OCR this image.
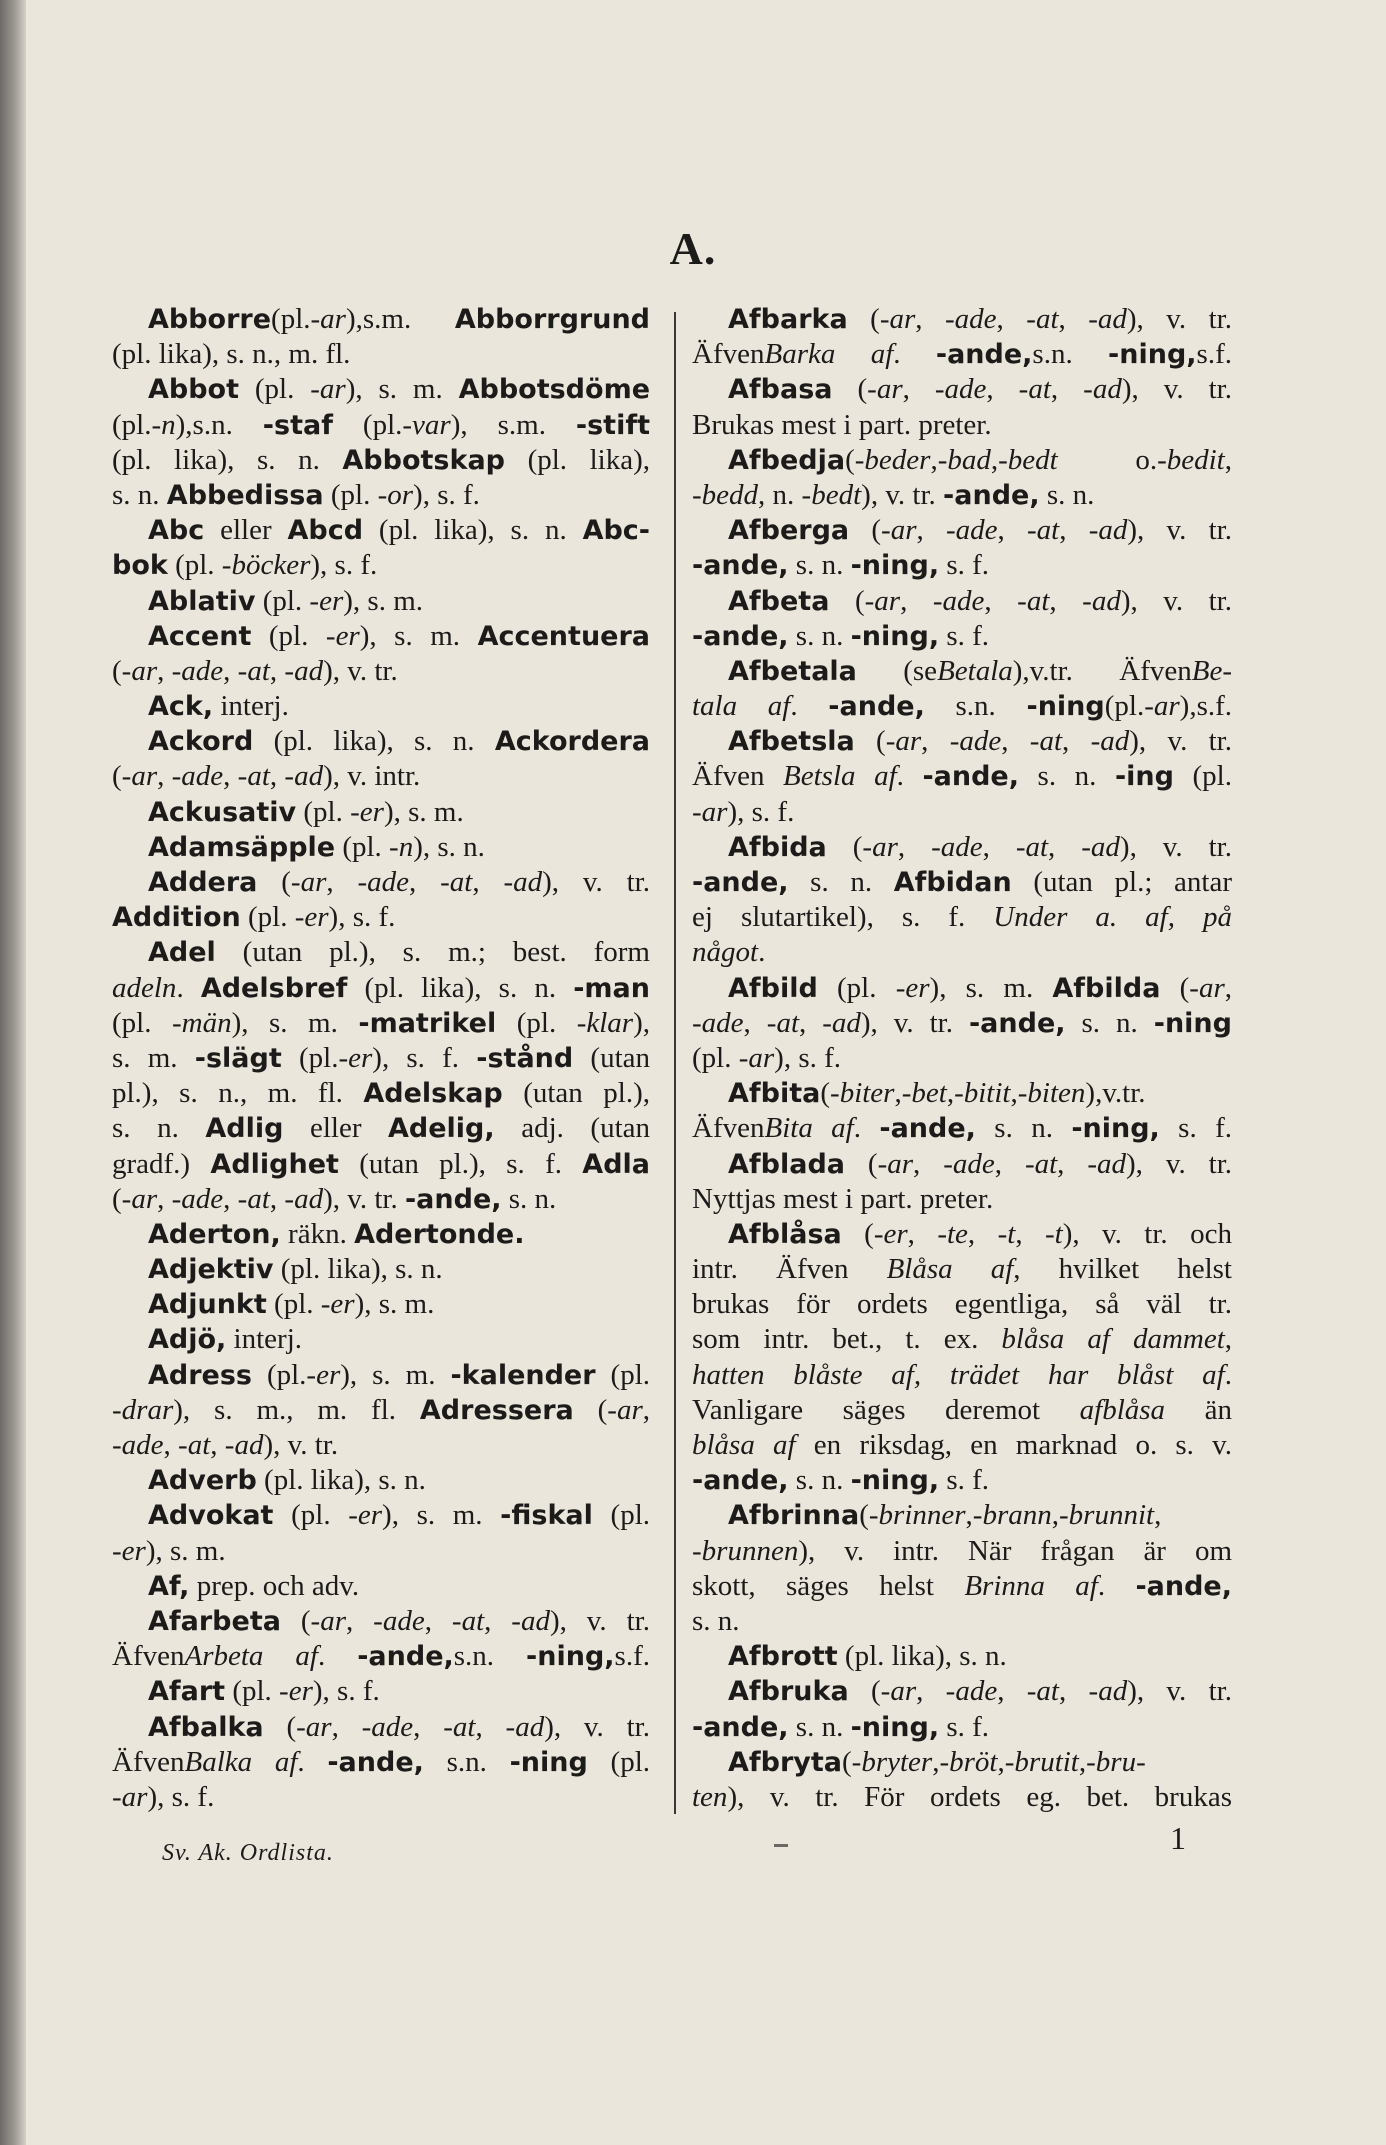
A.
Abborre(pl.-ar),s.m. Abborrgrund
(pl. lika), s. n., m. fl.
Abbot (pl. -ar), s. m. Abbotsdöme
(pl.-n),s.n. -staf (pl.-var), s.m. -stift
(pl. lika), s. n. Abbotskap (pl. lika),
s. n. Abbedissa (pl. -or), s. f.
Abc eller Abcd (pl. lika), s. n. Abc-
bok (pl. -böcker), s. f.
Ablativ (pl. -er), s. m.
Accent (pl. -er), s. m. Accentuera
(-ar, -ade, -at, -ad), v. tr.
Ack, interj.
Ackord (pl. lika), s. n. Ackordera
(-ar, -ade, -at, -ad), v. intr.
Ackusativ (pl. -er), s. m.
Adamsäpple (pl. -n), s. n.
Addera (-ar, -ade, -at, -ad), v. tr.
Addition (pl. -er), s. f.
Adel (utan pl.), s. m.; best. form
adeln. Adelsbref (pl. lika), s. n. -man
(pl. -män), s. m. -matrikel (pl. -klar),
s. m. -slägt (pl.-er), s. f. -stånd (utan
pl.), s. n., m. fl. Adelskap (utan pl.),
s. n. Adlig eller Adelig, adj. (utan
gradf.) Adlighet (utan pl.), s. f. Adla
(-ar, -ade, -at, -ad), v. tr. -ande, s. n.
Aderton, räkn. Adertonde.
Adjektiv (pl. lika), s. n.
Adjunkt (pl. -er), s. m.
Adjö, interj.
Adress (pl.-er), s. m. -kalender (pl.
-drar), s. m., m. fl. Adressera (-ar,
-ade, -at, -ad), v. tr.
Adverb (pl. lika), s. n.
Advokat (pl. -er), s. m. -fiskal (pl.
-er), s. m.
Af, prep. och adv.
Afarbeta (-ar, -ade, -at, -ad), v. tr.
ÄfvenArbeta af. -ande,s.n. -ning,s.f.
Afart (pl. -er), s. f.
Afbalka (-ar, -ade, -at, -ad), v. tr.
ÄfvenBalka af. -ande, s.n. -ning (pl.
-ar), s. f.
Afbarka (-ar, -ade, -at, -ad), v. tr.
ÄfvenBarka af. -ande,s.n. -ning,s.f.
Afbasa (-ar, -ade, -at, -ad), v. tr.
Brukas mest i part. preter.
Afbedja(-beder,-bad,-bedt o.-bedit,
-bedd, n. -bedt), v. tr. -ande, s. n.
Afberga (-ar, -ade, -at, -ad), v. tr.
-ande, s. n. -ning, s. f.
Afbeta (-ar, -ade, -at, -ad), v. tr.
-ande, s. n. -ning, s. f.
Afbetala (seBetala),v.tr. ÄfvenBe-
tala af. -ande, s.n. -ning(pl.-ar),s.f.
Afbetsla (-ar, -ade, -at, -ad), v. tr.
Äfven Betsla af. -ande, s. n. -ing (pl.
-ar), s. f.
Afbida (-ar, -ade, -at, -ad), v. tr.
-ande, s. n. Afbidan (utan pl.; antar
ej slutartikel), s. f. Under a. af, på
något.
Afbild (pl. -er), s. m. Afbilda (-ar,
-ade, -at, -ad), v. tr. -ande, s. n. -ning
(pl. -ar), s. f.
Afbita(-biter,-bet,-bitit,-biten),v.tr.
ÄfvenBita af. -ande, s. n. -ning, s. f.
Afblada (-ar, -ade, -at, -ad), v. tr.
Nyttjas mest i part. preter.
Afblåsa (-er, -te, -t, -t), v. tr. och
intr. Äfven Blåsa af, hvilket helst
brukas för ordets egentliga, så väl tr.
som intr. bet., t. ex. blåsa af dammet,
hatten blåste af, trädet har blåst af.
Vanligare säges deremot afblåsa än
blåsa af en riksdag, en marknad o. s. v.
-ande, s. n. -ning, s. f.
Afbrinna(-brinner,-brann,-brunnit,
-brunnen), v. intr. När frågan är om
skott, säges helst Brinna af. -ande,
s. n.
Afbrott (pl. lika), s. n.
Afbruka (-ar, -ade, -at, -ad), v. tr.
-ande, s. n. -ning, s. f.
Afbryta(-bryter,-bröt,-brutit,-bru-
ten), v. tr. För ordets eg. bet. brukas
Sv. Ak. Ordlista.	1
